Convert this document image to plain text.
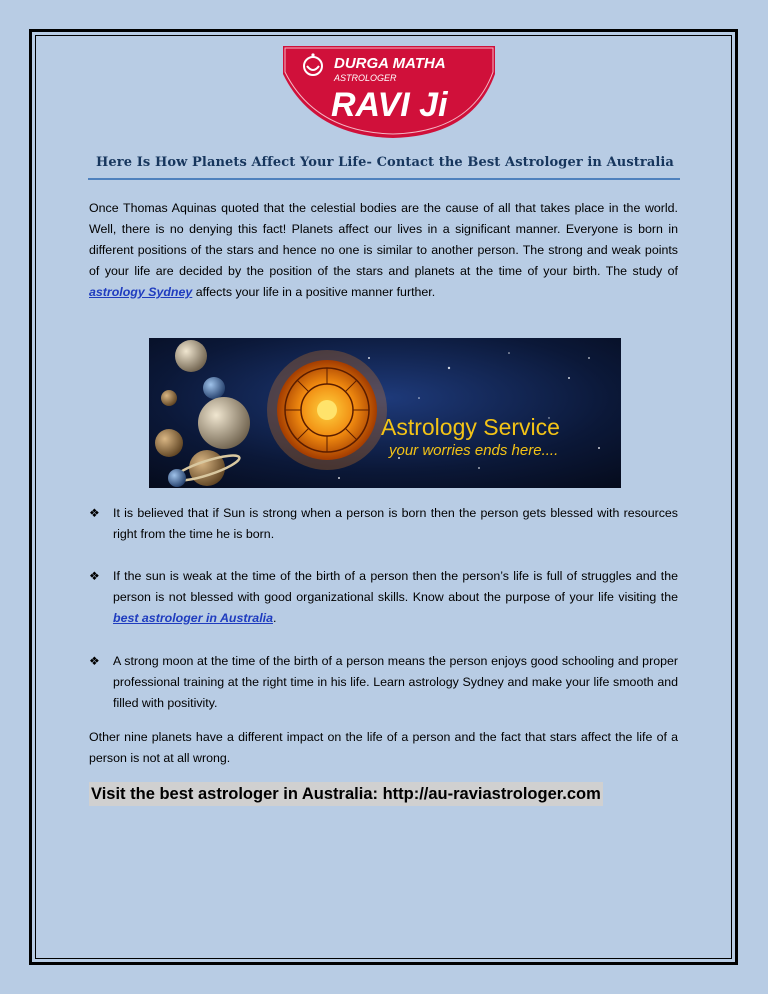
DURGA MATHA
ASTROLOGER
RAVI Ji
Here Is How Planets Affect Your Life- Contact the Best Astrologer in Australia

Once Thomas Aquinas quoted that the celestial bodies are the cause of all that takes place in the world. Well, there is no denying this fact! Planets affect our lives in a significant manner. Everyone is born in different positions of the stars and hence no one is similar to another person. The strong and weak points of your life are decided by the position of the stars and planets at the time of your birth. The study of astrology Sydney affects your life in a positive manner further.

Astrology Service
your worries ends here....
❖	It is believed that if Sun is strong when a person is born then the person gets blessed with resources right from the time he is born.
❖	If the sun is weak at the time of the birth of a person then the person’s life is full of struggles and the person is not blessed with good organizational skills. Know about the purpose of your life visiting the best astrologer in Australia.
❖	A strong moon at the time of the birth of a person means the person enjoys good schooling and proper professional training at the right time in his life. Learn astrology Sydney and make your life smooth and filled with positivity.

Other nine planets have a different impact on the life of a person and the fact that stars affect the life of a person is not at all wrong.

Visit the best astrologer in Australia: http://au-raviastrologer.com
